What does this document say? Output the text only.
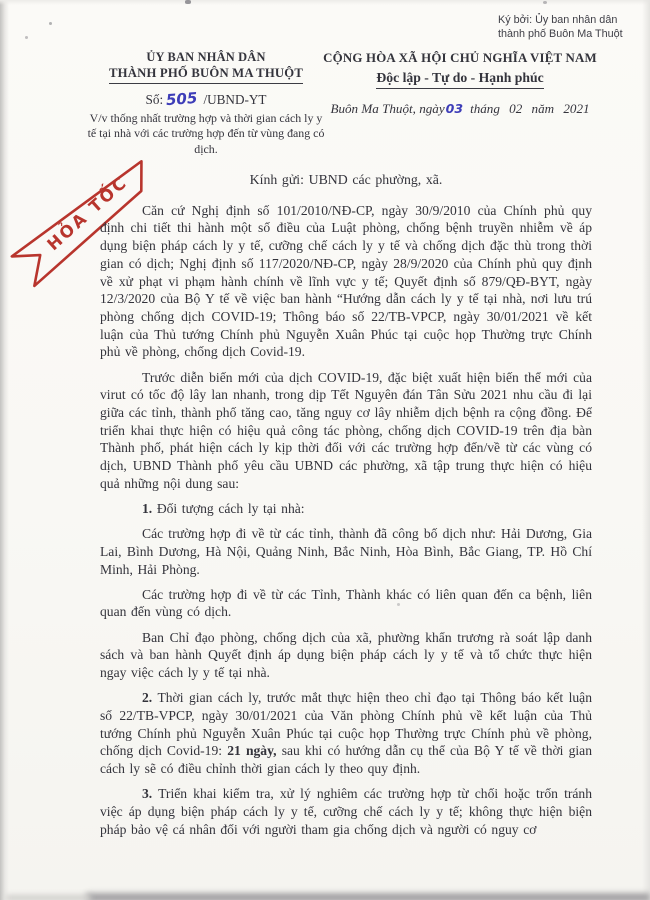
Ký bởi: Ủy ban nhân dân thành phố Buôn Ma Thuột
ỦY BAN NHÂN DÂN
THÀNH PHỐ BUÔN MA THUỘT
Số: 505 /UBND-YT
V/v thống nhất trường hợp và thời gian cách ly y tế tại nhà với các trường hợp đến từ vùng đang có dịch.
CỘNG HÒA XÃ HỘI CHỦ NGHĨA VIỆT NAM
Độc lập - Tự do - Hạnh phúc
Buôn Ma Thuột, ngày03 tháng 02 năm 2021
HỎA TỐC	Kính gửi: UBND các phường, xã.

Căn cứ Nghị định số 101/2010/NĐ-CP, ngày 30/9/2010 của Chính phủ quy định chi tiết thi hành một số điều của Luật phòng, chống bệnh truyền nhiễm về áp dụng biện pháp cách ly y tế, cưỡng chế cách ly y tế và chống dịch đặc thù trong thời gian có dịch; Nghị định số 117/2020/NĐ-CP, ngày 28/9/2020 của Chính phủ quy định về xử phạt vi phạm hành chính về lĩnh vực y tế; Quyết định số 879/QĐ-BYT, ngày 12/3/2020 của Bộ Y tế về việc ban hành “Hướng dẫn cách ly y tế tại nhà, nơi lưu trú phòng chống dịch COVID-19; Thông báo số 22/TB-VPCP, ngày 30/01/2021 về kết luận của Thủ tướng Chính phủ Nguyễn Xuân Phúc tại cuộc họp Thường trực Chính phủ về phòng, chống dịch Covid-19.

Trước diễn biến mới của dịch COVID-19, đặc biệt xuất hiện biến thể mới của virut có tốc độ lây lan nhanh, trong dịp Tết Nguyên đán Tân Sửu 2021 nhu cầu đi lại giữa các tỉnh, thành phố tăng cao, tăng nguy cơ lây nhiễm dịch bệnh ra cộng đồng. Để triển khai thực hiện có hiệu quả công tác phòng, chống dịch COVID-19 trên địa bàn Thành phố, phát hiện cách ly kịp thời đối với các trường hợp đến/về từ các vùng có dịch, UBND Thành phố yêu cầu UBND các phường, xã tập trung thực hiện có hiệu quả những nội dung sau:

1. Đối tượng cách ly tại nhà:

Các trường hợp đi về từ các tỉnh, thành đã công bố dịch như: Hải Dương, Gia Lai, Bình Dương, Hà Nội, Quảng Ninh, Bắc Ninh, Hòa Bình, Bắc Giang, TP. Hồ Chí Minh, Hải Phòng.

Các trường hợp đi về từ các Tỉnh, Thành khác có liên quan đến ca bệnh, liên quan đến vùng có dịch.

Ban Chỉ đạo phòng, chống dịch của xã, phường khẩn trương rà soát lập danh sách và ban hành Quyết định áp dụng biện pháp cách ly y tế và tổ chức thực hiện ngay việc cách ly y tế tại nhà.

2. Thời gian cách ly, trước mắt thực hiện theo chỉ đạo tại Thông báo kết luận số 22/TB-VPCP, ngày 30/01/2021 của Văn phòng Chính phủ về kết luận của Thủ tướng Chính phủ Nguyễn Xuân Phúc tại cuộc họp Thường trực Chính phủ về phòng, chống dịch Covid-19: 21 ngày, sau khi có hướng dẫn cụ thể của Bộ Y tế về thời gian cách ly sẽ có điều chỉnh thời gian cách ly theo quy định.

3. Triển khai kiểm tra, xử lý nghiêm các trường hợp từ chối hoặc trốn tránh việc áp dụng biện pháp cách ly y tế, cưỡng chế cách ly y tế; không thực hiện biện pháp bảo vệ cá nhân đối với người tham gia chống dịch và người có nguy cơ
